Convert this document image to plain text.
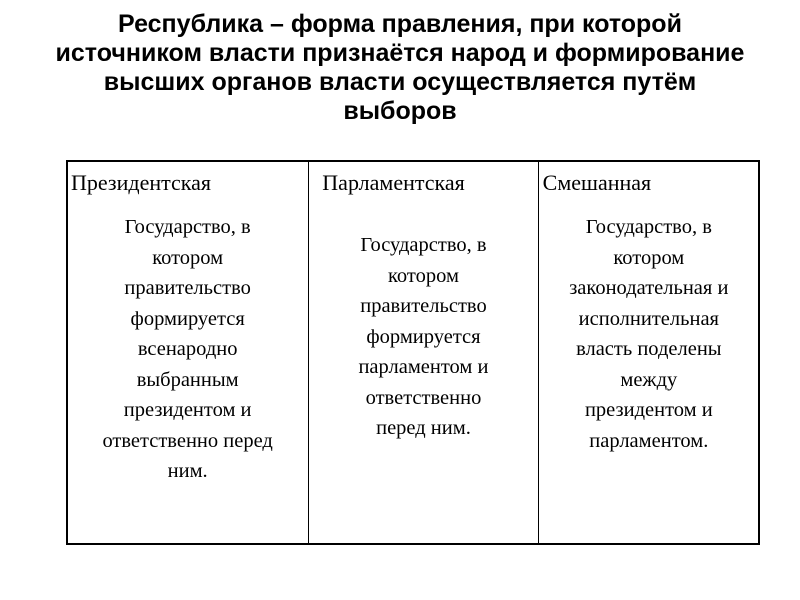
Республика – форма правления, при которой
источником власти признаётся народ и формирование
высших органов власти осуществляется путём
выборов
Президентская
Государство, в
котором
правительство
формируется
всенародно
выбранным
президентом и
ответственно перед
ним.
Парламентская
Государство, в
котором
правительство
формируется
парламентом и
ответственно
перед ним.
Смешанная
Государство, в
котором
законодательная и
исполнительная
власть поделены
между
президентом и
парламентом.
